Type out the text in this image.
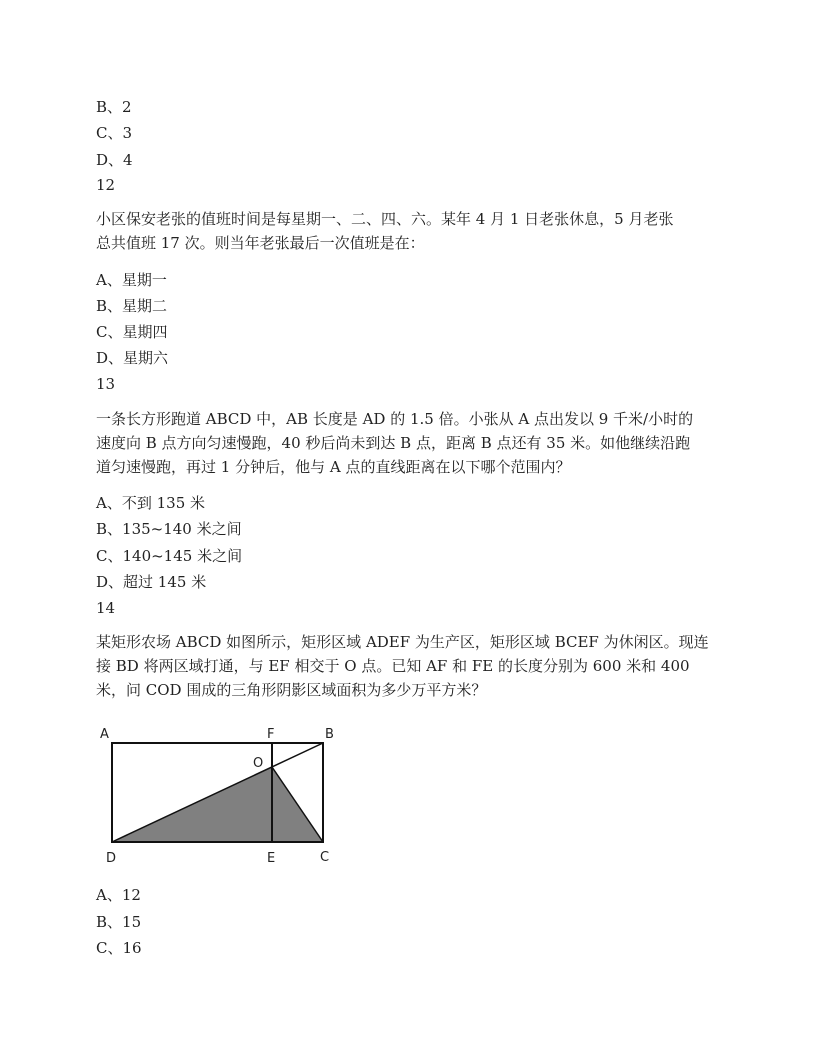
B、2
C、3
D、4
12
小区保安老张的值班时间是每星期一、二、四、六。某年 4 月 1 日老张休息，5 月老张
总共值班 17 次。则当年老张最后一次值班是在：
A、星期一
B、星期二
C、星期四
D、星期六
13
一条长方形跑道 ABCD 中，AB 长度是 AD 的 1.5 倍。小张从 A 点出发以 9 千米/小时的
速度向 B 点方向匀速慢跑，40 秒后尚未到达 B 点，距离 B 点还有 35 米。如他继续沿跑
道匀速慢跑，再过 1 分钟后，他与 A 点的直线距离在以下哪个范围内？
A、不到 135 米
B、135~140 米之间
C、140~145 米之间
D、超过 145 米
14
某矩形农场 ABCD 如图所示，矩形区域 ADEF 为生产区，矩形区域 BCEF 为休闲区。现连
接 BD 将两区域打通，与 EF 相交于 O 点。已知 AF 和 FE 的长度分别为 600 米和 400
米，问 COD 围成的三角形阴影区域面积为多少万平方米？
A	F	B
O
D	E	C
A、12
B、15
C、16
